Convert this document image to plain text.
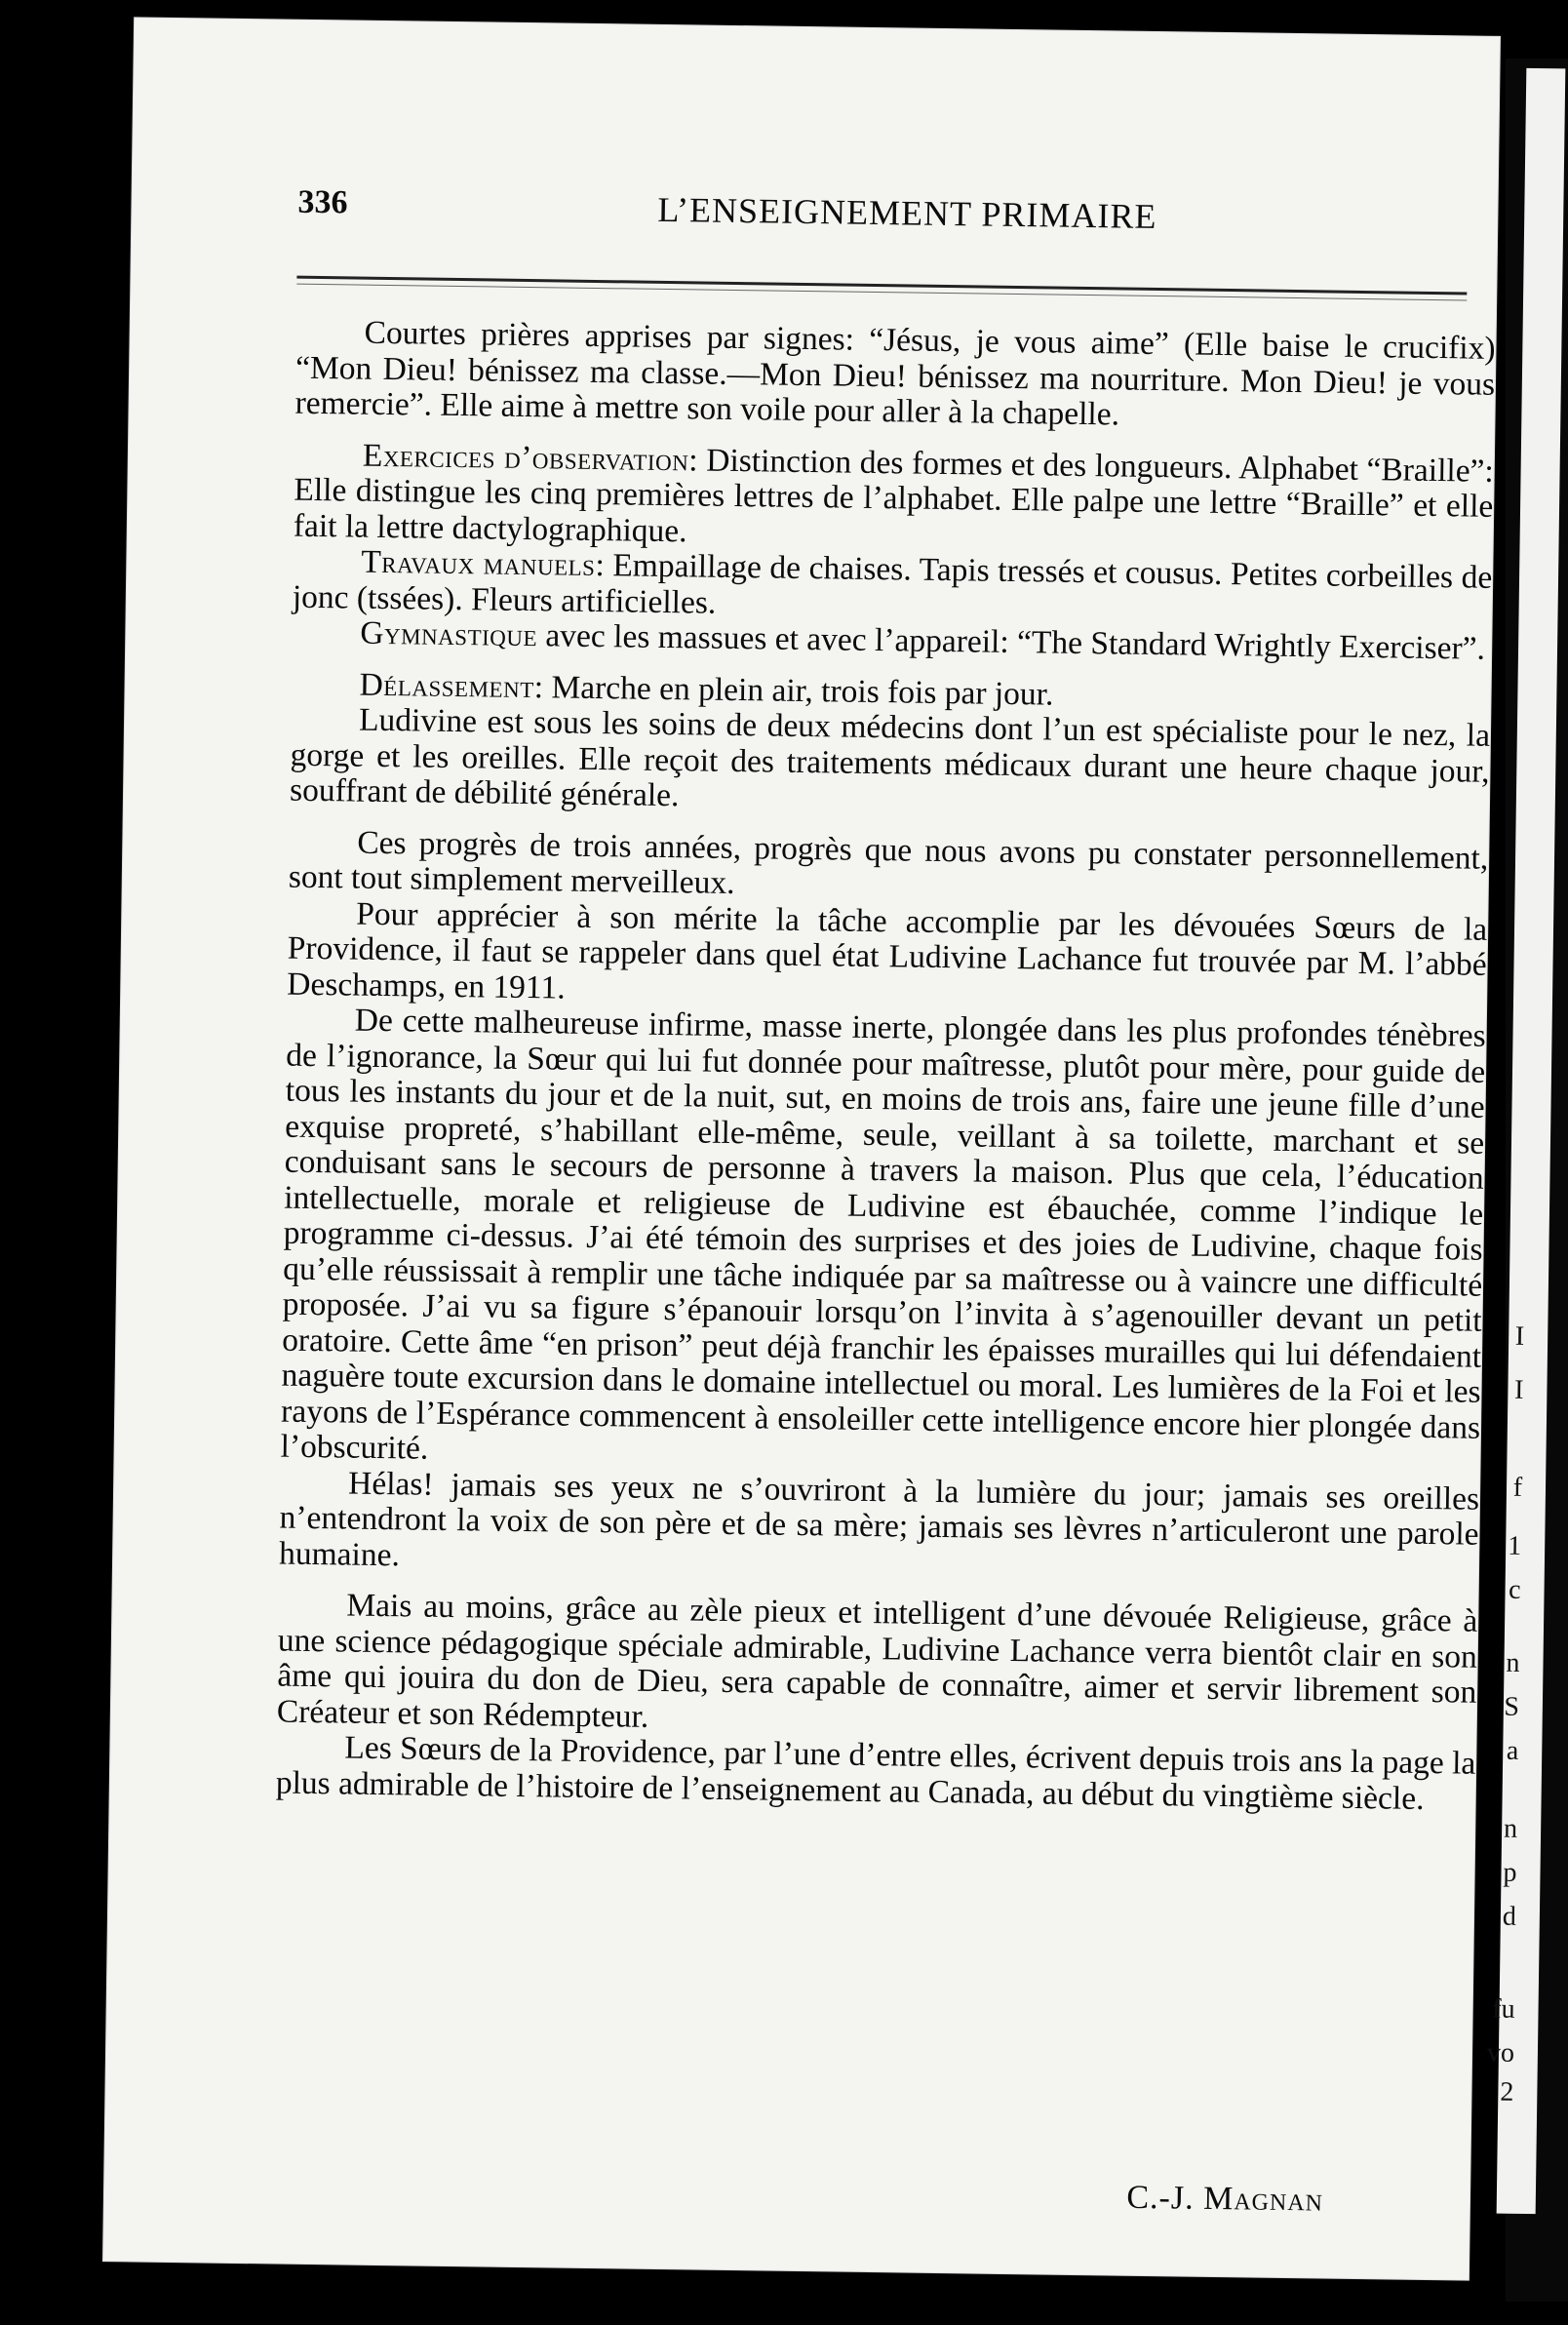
I
I
f
1
c
n
S
a
n
p
d
fu
vo
2
336	L’ENSEIGNEMENT PRIMAIRE

Courtes prières apprises par signes: “Jésus, je vous aime” (Elle baise le crucifix) “Mon Dieu! bénissez ma classe.—Mon Dieu! bénissez ma nourriture. Mon Dieu! je vous remercie”. Elle aime à mettre son voile pour aller à la chapelle.

Exercices d’observation: Distinction des formes et des longueurs. Alphabet “Braille”: Elle distingue les cinq premières lettres de l’alphabet. Elle palpe une lettre “Braille” et elle fait la lettre dactylographique.

Travaux manuels: Empaillage de chaises. Tapis tressés et cousus. Petites corbeilles de jonc (tssées). Fleurs artificielles.

Gymnastique avec les massues et avec l’appareil: “The Standard Wrightly Exerciser”.

Délassement: Marche en plein air, trois fois par jour.

Ludivine est sous les soins de deux médecins dont l’un est spécialiste pour le nez, la gorge et les oreilles. Elle reçoit des traitements médicaux durant une heure chaque jour, souffrant de débilité générale.

Ces progrès de trois années, progrès que nous avons pu constater personnellement, sont tout simplement merveilleux.

Pour apprécier à son mérite la tâche accomplie par les dévouées Sœurs de la Providence, il faut se rappeler dans quel état Ludivine Lachance fut trouvée par M. l’abbé Deschamps, en 1911.

De cette malheureuse infirme, masse inerte, plongée dans les plus profondes ténèbres de l’ignorance, la Sœur qui lui fut donnée pour maîtresse, plutôt pour mère, pour guide de tous les instants du jour et de la nuit, sut, en moins de trois ans, faire une jeune fille d’une exquise propreté, s’habillant elle-même, seule, veillant à sa toilette, marchant et se conduisant sans le secours de personne à travers la maison. Plus que cela, l’éducation intellectuelle, morale et religieuse de Ludivine est ébauchée, comme l’indique le programme ci-dessus. J’ai été témoin des surprises et des joies de Ludivine, chaque fois qu’elle réussissait à remplir une tâche indiquée par sa maîtresse ou à vaincre une difficulté proposée. J’ai vu sa figure s’épanouir lorsqu’on l’invita à s’agenouiller devant un petit oratoire. Cette âme “en prison” peut déjà franchir les épaisses murailles qui lui défendaient naguère toute excursion dans le domaine intellectuel ou moral. Les lumières de la Foi et les rayons de l’Espérance commencent à ensoleiller cette intelligence encore hier plongée dans l’obscurité.

Hélas! jamais ses yeux ne s’ouvriront à la lumière du jour; jamais ses oreilles n’entendront la voix de son père et de sa mère; jamais ses lèvres n’articuleront une parole humaine.

Mais au moins, grâce au zèle pieux et intelligent d’une dévouée Religieuse, grâce à une science pédagogique spéciale admirable, Ludivine Lachance verra bientôt clair en son âme qui jouira du don de Dieu, sera capable de connaître, aimer et servir librement son Créateur et son Rédempteur.

Les Sœurs de la Providence, par l’une d’entre elles, écrivent depuis trois ans la page la plus admirable de l’histoire de l’enseignement au Canada, au début du vingtième siècle.

C.-J. Magnan
